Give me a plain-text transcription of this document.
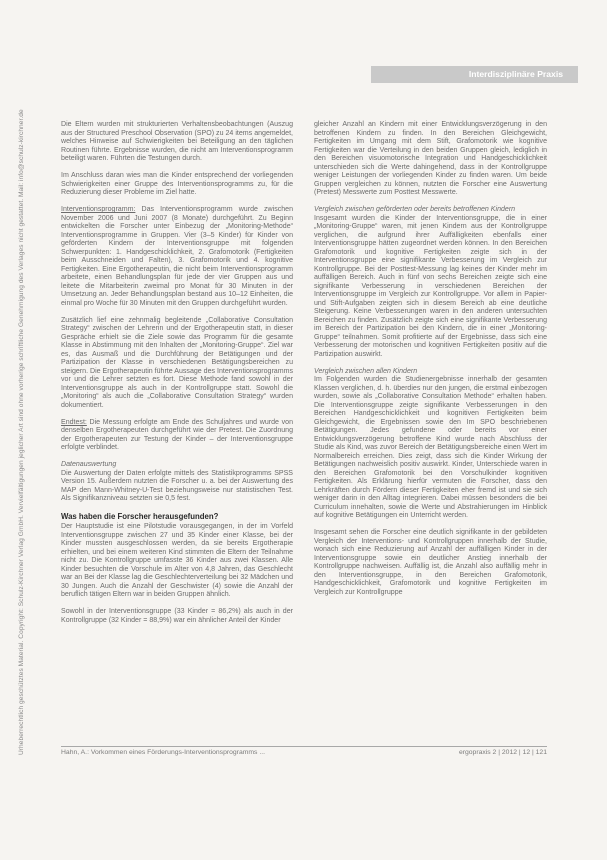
Urheberrechtlich geschütztes Material. Copyright: Schulz-Kirchner Verlag GmbH. Vervielfältigungen jeglicher Art sind ohne vorherige schriftliche Genehmigung des Verlages nicht gestattet. Mail: info@schulz-kirchner.de
Interdisziplinäre Praxis

Die Eltern wurden mit strukturierten Verhaltensbeobachtungen (Auszug aus der Structured Preschool Observation (SPO) zu 24 items angemeldet, welches Hinweise auf Schwierigkeiten bei Beteiligung an den täglichen Routinen führte. Ergebnisse wurden, die nicht am Interventionsprogramm beteiligt waren. Führten die Testungen durch.

Im Anschluss daran wies man die Kinder entsprechend der vorliegenden Schwierigkeiten einer Gruppe des Interventionsprogramms zu, für die Reduzierung dieser Probleme im Ziel hatte.

Interventionsprogramm: Das Interventionsprogramm wurde zwischen November 2006 und Juni 2007 (8 Monate) durchgeführt. Zu Beginn entwickelten die Forscher unter Einbezug der „Monitoring-Methode“ Interventionsprogramme in Gruppen. Vier (3–5 Kinder) für Kinder von geförderten Kindern der Interventionsgruppe mit folgenden Schwerpunkten: 1. Handgeschicklichkeit, 2. Grafomotorik (Fertigkeiten beim Ausschneiden und Falten), 3. Grafomotorik und 4. kognitive Fertigkeiten. Eine Ergotherapeutin, die nicht beim Interventionsprogramm arbeitete, einen Behandlungsplan für jede der vier Gruppen aus und leitete die Mitarbeiterin zweimal pro Monat für 30 Minuten in der Umsetzung an. Jeder Behandlungsplan bestand aus 10–12 Einheiten, die einmal pro Woche für 30 Minuten mit den Gruppen durchgeführt wurden.

Zusätzlich lief eine zehnmalig begleitende „Collaborative Consultation Strategy“ zwischen der Lehrerin und der Ergotherapeutin statt, in dieser Gespräche erhielt sie die Ziele sowie das Programm für die gesamte Klasse in Abstimmung mit den Inhalten der „Monitoring-Gruppe“. Ziel war es, das Ausmaß und die Durchführung der Betätigungen und der Partizipation der Klasse in verschiedenen Betätigungsbereichen zu steigern. Die Ergotherapeutin führte Aussage des Interventionsprogramms vor und die Lehrer setzten es fort. Diese Methode fand sowohl in der Interventionsgruppe als auch in der Kontrollgruppe statt. Sowohl die „Monitoring“ als auch die „Collaborative Consultation Strategy“ wurden dokumentiert.

Endtest: Die Messung erfolgte am Ende des Schuljahres und wurde von denselben Ergotherapeuten durchgeführt wie der Pretest. Die Zuordnung der Ergotherapeuten zur Testung der Kinder – der Interventionsgruppe erfolgte verblindet.

Datenauswertung

Die Auswertung der Daten erfolgte mittels des Statistikprogramms SPSS Version 15. Außerdem nutzten die Forscher u. a. bei der Auswertung des MAP den Mann-Whitney-U-Test beziehungsweise nur statistischen Test. Als Signifikanzniveau setzten sie 0,5 fest.

Was haben die Forscher herausgefunden?

Der Hauptstudie ist eine Pilotstudie vorausgegangen, in der im Vorfeld Interventionsgruppe zwischen 27 und 35 Kinder einer Klasse, bei der Kinder mussten ausgeschlossen werden, da sie bereits Ergotherapie erhielten, und bei einem weiteren Kind stimmten die Eltern der Teilnahme nicht zu. Die Kontrollgruppe umfasste 36 Kinder aus zwei Klassen. Alle Kinder besuchten die Vorschule im Alter von 4,8 Jahren, das Geschlecht war an Bei der Klasse lag die Geschlechterverteilung bei 32 Mädchen und 30 Jungen. Auch die Anzahl der Geschwister (4) sowie die Anzahl der beruflich tätigen Eltern war in beiden Gruppen ähnlich.

Sowohl in der Interventionsgruppe (33 Kinder = 86,2%) als auch in der Kontrollgruppe (32 Kinder = 88,9%) war ein ähnlicher Anteil der Kinder

gleicher Anzahl an Kindern mit einer Entwicklungsverzögerung in den betroffenen Kindern zu finden. In den Bereichen Gleichgewicht, Fertigkeiten im Umgang mit dem Stift, Grafomotorik wie kognitive Fertigkeiten war die Verteilung in den beiden Gruppen gleich, lediglich in den Bereichen visuomotorische Integration und Handgeschicklichkeit unterschieden sich die Werte dahingehend, dass in der Kontrollgruppe weniger Leistungen der vorliegenden Kinder zu finden waren. Um beide Gruppen vergleichen zu können, nutzten die Forscher eine Auswertung (Pretest) Messwerte zum Posttest Messwerte.

Vergleich zwischen geförderten oder bereits betroffenen Kindern

Insgesamt wurden die Kinder der Interventionsgruppe, die in einer „Monitoring-Gruppe“ waren, mit jenen Kindern aus der Kontrollgruppe verglichen, die aufgrund ihrer Auffälligkeiten ebenfalls einer Interventionsgruppe hätten zugeordnet werden können. In den Bereichen Grafomotorik und kognitive Fertigkeiten zeigte sich in der Interventionsgruppe eine signifikante Verbesserung im Vergleich zur Kontrollgruppe. Bei der Posttest-Messung lag keines der Kinder mehr im auffälligen Bereich. Auch in fünf von sechs Bereichen zeigte sich eine signifikante Verbesserung in verschiedenen Bereichen der Interventionsgruppe im Vergleich zur Kontrollgruppe. Vor allem in Papier- und Stift-Aufgaben zeigten sich in diesem Bereich ab eine deutliche Steigerung. Keine Verbesserungen waren in den anderen untersuchten Bereichen zu finden. Zusätzlich zeigte sich eine signifikante Verbesserung im Bereich der Partizipation bei den Kindern, die in einer „Monitoring-Gruppe“ teilnahmen. Somit profitierte auf der Ergebnisse, dass sich eine Verbesserung der motorischen und kognitiven Fertigkeiten positiv auf die Partizipation auswirkt.

Vergleich zwischen allen Kindern

Im Folgenden wurden die Studienergebnisse innerhalb der gesamten Klassen verglichen, d. h. überdies nur den jungen, die erstmal einbezogen wurden, sowie als „Collaborative Consultation Methode“ erhalten haben. Die Interventionsgruppe zeigte signifikante Verbesserungen in den Bereichen Handgeschicklichkeit und kognitiven Fertigkeiten beim Gleichgewicht, die Ergebnissen sowie den Im SPO beschriebenen Betätigungen. Jedes gefundene oder bereits vor einer Entwicklungsverzögerung betroffene Kind wurde nach Abschluss der Studie als Kind, was zuvor Bereich der Betätigungsbereiche einen Wert im Normalbereich erreichen. Dies zeigt, dass sich die Kinder Wirkung der Betätigungen nachweislich positiv auswirkt. Kinder, Unterschiede waren in den Bereichen Grafomotorik bei den Vorschulkinder kognitiven Fertigkeiten. Als Erklärung hierfür vermuten die Forscher, dass den Lehrkräften durch Fördern dieser Fertigkeiten eher fremd ist und sie sich weniger darin in den Alltag integrieren. Dabei müssen besonders die bei Curriculum innehalten, sowie die Werte und Abstrahierungen im Hinblick auf kognitive Betätigungen ein Unterricht werden.

Insgesamt sehen die Forscher eine deutlich signifikante in der gebildeten Vergleich der Interventions- und Kontrollgruppen innerhalb der Studie, wonach sich eine Reduzierung auf Anzahl der auffälligen Kinder in der Interventionsgruppe sowie ein deutlicher Anstieg innerhalb der Kontrollgruppe nachweisen. Auffällig ist, die Anzahl also auffällig mehr in den Interventionsgruppe, in den Bereichen Grafomotorik, Handgeschicklichkeit, Grafomotorik und kognitive Fertigkeiten im Vergleich zur Kontrollgruppe

Hahn, A.: Vorkommen eines Förderungs-Interventionsprogramms ...	ergopraxis 2 | 2012 | 12 | 121
